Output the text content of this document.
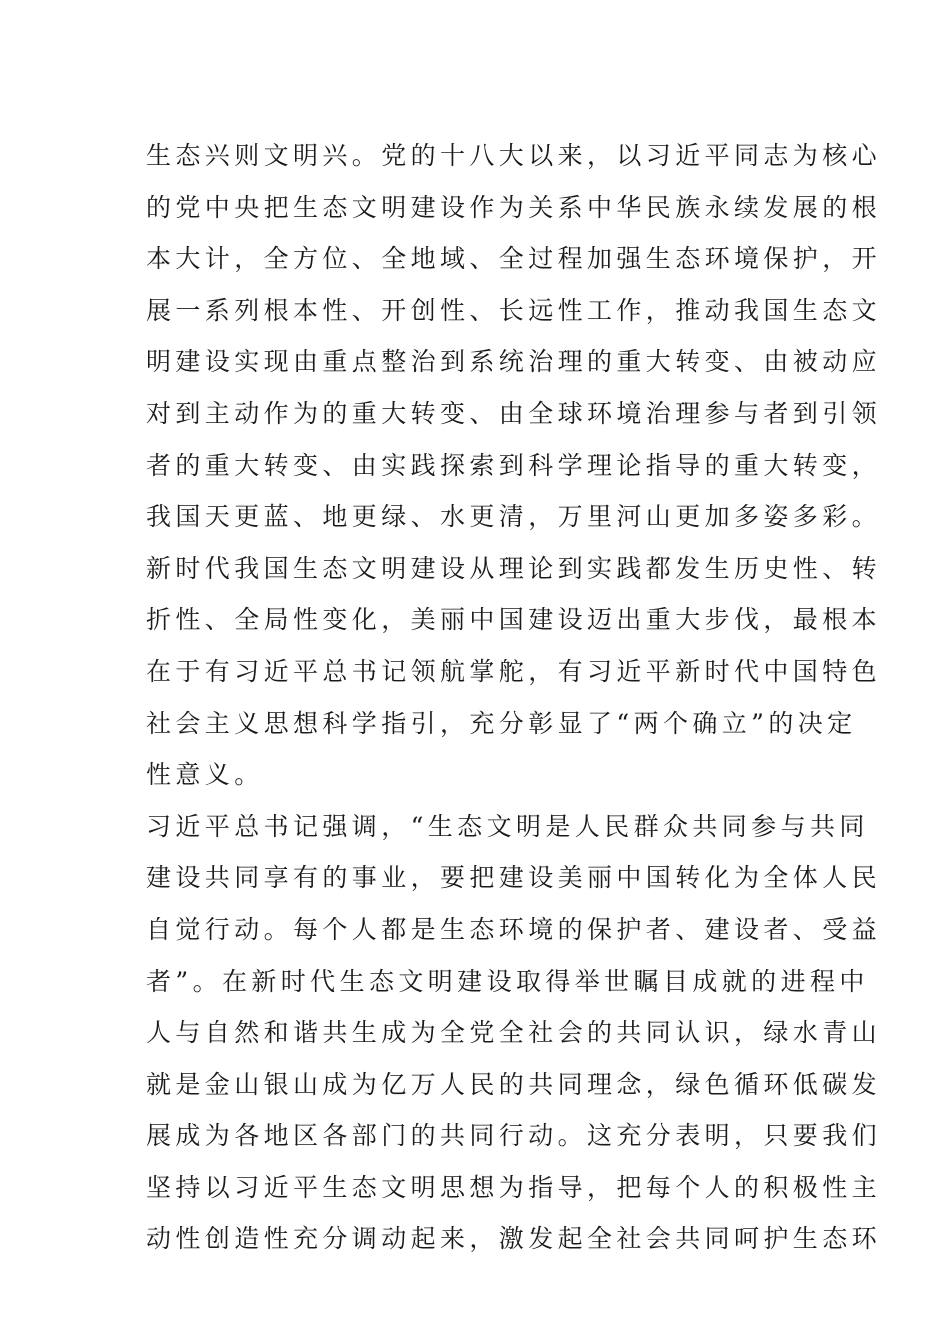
生态兴则文明兴。党的十八大以来，以习近平同志为核心
的党中央把生态文明建设作为关系中华民族永续发展的根
本大计，全方位、全地域、全过程加强生态环境保护，开
展一系列根本性、开创性、长远性工作，推动我国生态文
明建设实现由重点整治到系统治理的重大转变、由被动应
对到主动作为的重大转变、由全球环境治理参与者到引领
者的重大转变、由实践探索到科学理论指导的重大转变，
我国天更蓝、地更绿、水更清，万里河山更加多姿多彩。
新时代我国生态文明建设从理论到实践都发生历史性、转
折性、全局性变化，美丽中国建设迈出重大步伐，最根本
在于有习近平总书记领航掌舵，有习近平新时代中国特色
社会主义思想科学指引，充分彰显了“两个确立”的决定
性意义。
习近平总书记强调，“生态文明是人民群众共同参与共同
建设共同享有的事业，要把建设美丽中国转化为全体人民
自觉行动。每个人都是生态环境的保护者、建设者、受益
者”。在新时代生态文明建设取得举世瞩目成就的进程中
人与自然和谐共生成为全党全社会的共同认识，绿水青山
就是金山银山成为亿万人民的共同理念，绿色循环低碳发
展成为各地区各部门的共同行动。这充分表明，只要我们
坚持以习近平生态文明思想为指导，把每个人的积极性主
动性创造性充分调动起来，激发起全社会共同呵护生态环
